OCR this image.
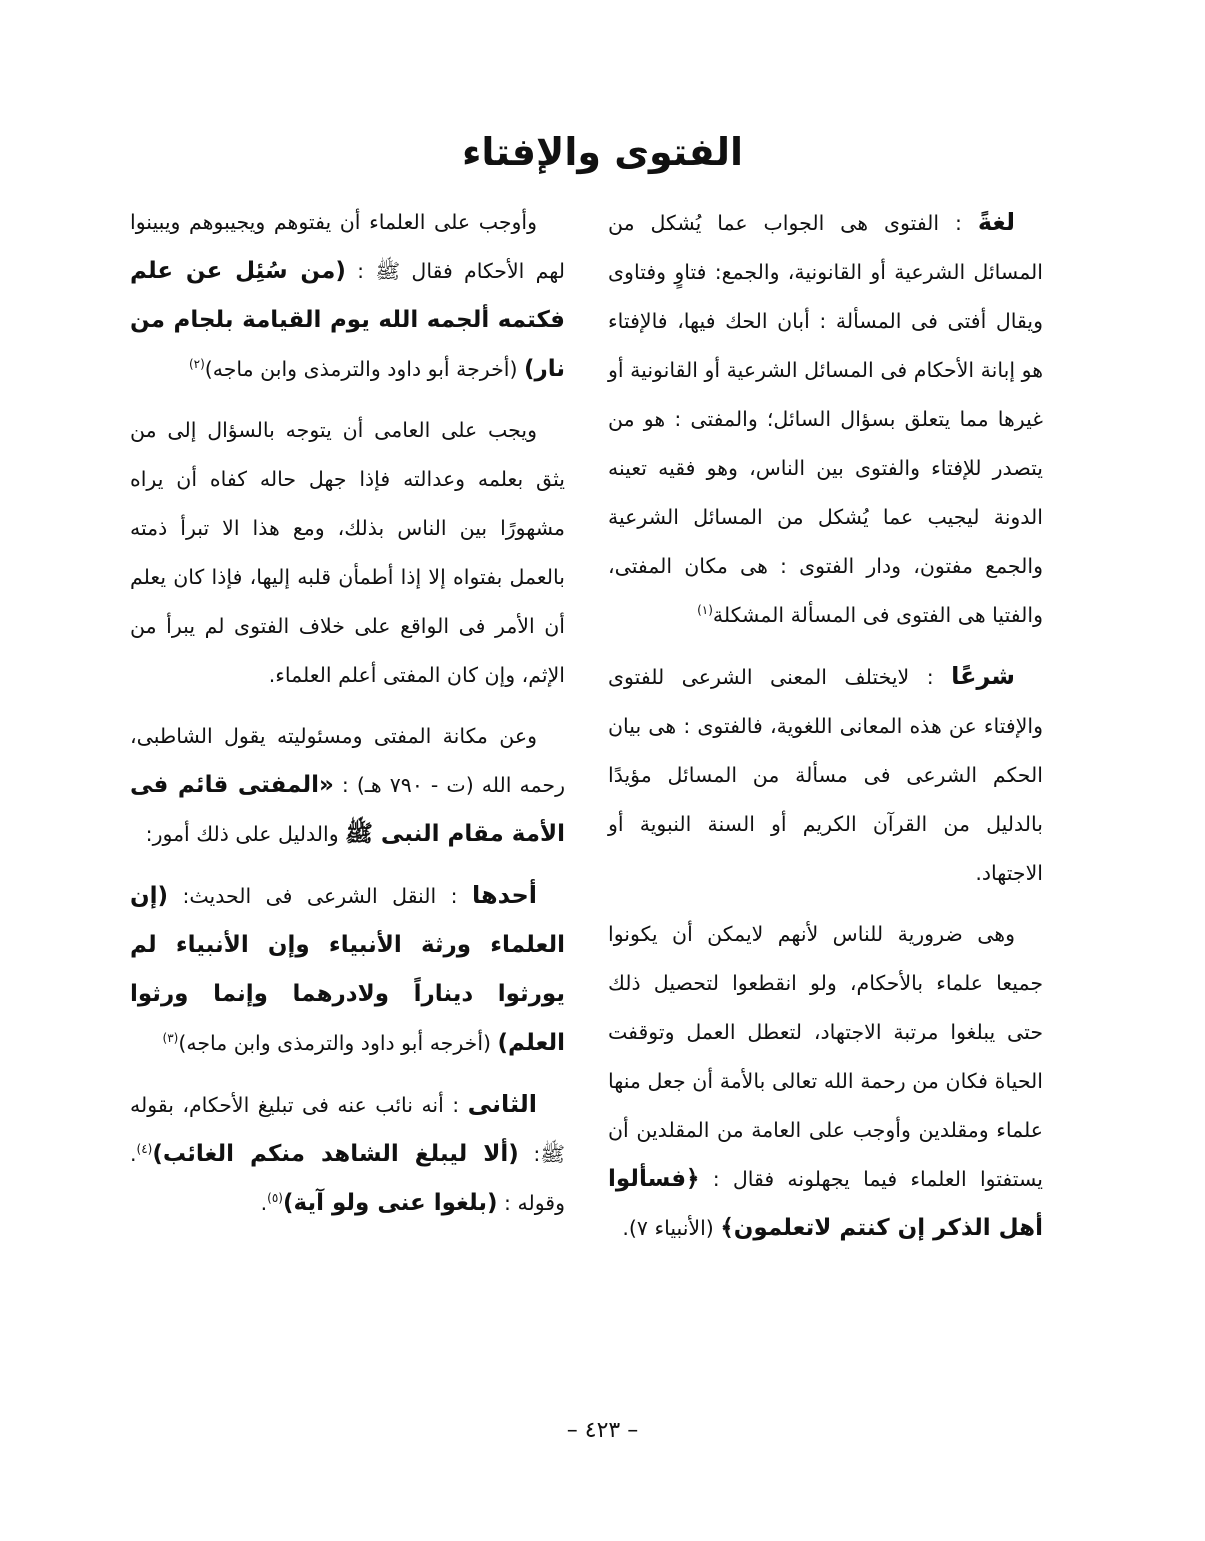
الفتوى والإفتاء

لغةً : الفتوى هى الجواب عما يُشكل من المسائل الشرعية أو القانونية، والجمع: فتاوٍ وفتاوى ويقال أفتى فى المسألة : أبان الحك فيها، فالإفتاء هو إبانة الأحكام فى المسائل الشرعية أو القانونية أو غيرها مما يتعلق بسؤال السائل؛ والمفتى : هو من يتصدر للإفتاء والفتوى بين الناس، وهو فقيه تعينه الدونة ليجيب عما يُشكل من المسائل الشرعية والجمع مفتون، ودار الفتوى : هى مكان المفتى، والفتيا هى الفتوى فى المسألة المشكلة$^{(١)}$

شرعًا : لايختلف المعنى الشرعى للفتوى والإفتاء عن هذه المعانى اللغوية، فالفتوى : هى بيان الحكم الشرعى فى مسألة من المسائل مؤيدًا بالدليل من القرآن الكريم أو السنة النبوية أو الاجتهاد.

وهى ضرورية للناس لأنهم لايمكن أن يكونوا جميعا علماء بالأحكام، ولو انقطعوا لتحصيل ذلك حتى يبلغوا مرتبة الاجتهاد، لتعطل العمل وتوقفت الحياة فكان من رحمة الله تعالى بالأمة أن جعل منها علماء ومقلدين وأوجب على العامة من المقلدين أن يستفتوا العلماء فيما يجهلونه فقال : ﴿فسألوا أهل الذكر إن كنتم لاتعلمون﴾ (الأنبياء ٧).

وأوجب على العلماء أن يفتوهم ويجيبوهم ويبينوا لهم الأحكام فقال ﷺ : (من سُئِل عن علم فكتمه ألجمه الله يوم القيامة بلجام من نار) (أخرجة أبو داود والترمذى وابن ماجه)$^{(٢)}$

ويجب على العامى أن يتوجه بالسؤال إلى من يثق بعلمه وعدالته فإذا جهل حاله كفاه أن يراه مشهورًا بين الناس بذلك، ومع هذا الا تبرأ ذمته بالعمل بفتواه إلا إذا أطمأن قلبه إليها، فإذا كان يعلم أن الأمر فى الواقع على خلاف الفتوى لم يبرأ من الإثم، وإن كان المفتى أعلم العلماء.

وعن مكانة المفتى ومسئوليته يقول الشاطبى، رحمه الله (ت - ٧٩٠ هـ) : «المفتى قائم فى الأمة مقام النبى ﷺ والدليل على ذلك أمور:

أحدها : النقل الشرعى فى الحديث: (إن العلماء ورثة الأنبياء وإن الأنبياء لم يورثوا ديناراً ولادرهما وإنما ورثوا العلم) (أخرجه أبو داود والترمذى وابن ماجه)$^{(٣)}$

الثانى : أنه نائب عنه فى تبليغ الأحكام، بقوله ﷺ: (ألا ليبلغ الشاهد منكم الغائب)$^{(٤)}$. وقوله : (بلغوا عنى ولو آية)$^{(٥)}$.

– ٤٢٣ –
